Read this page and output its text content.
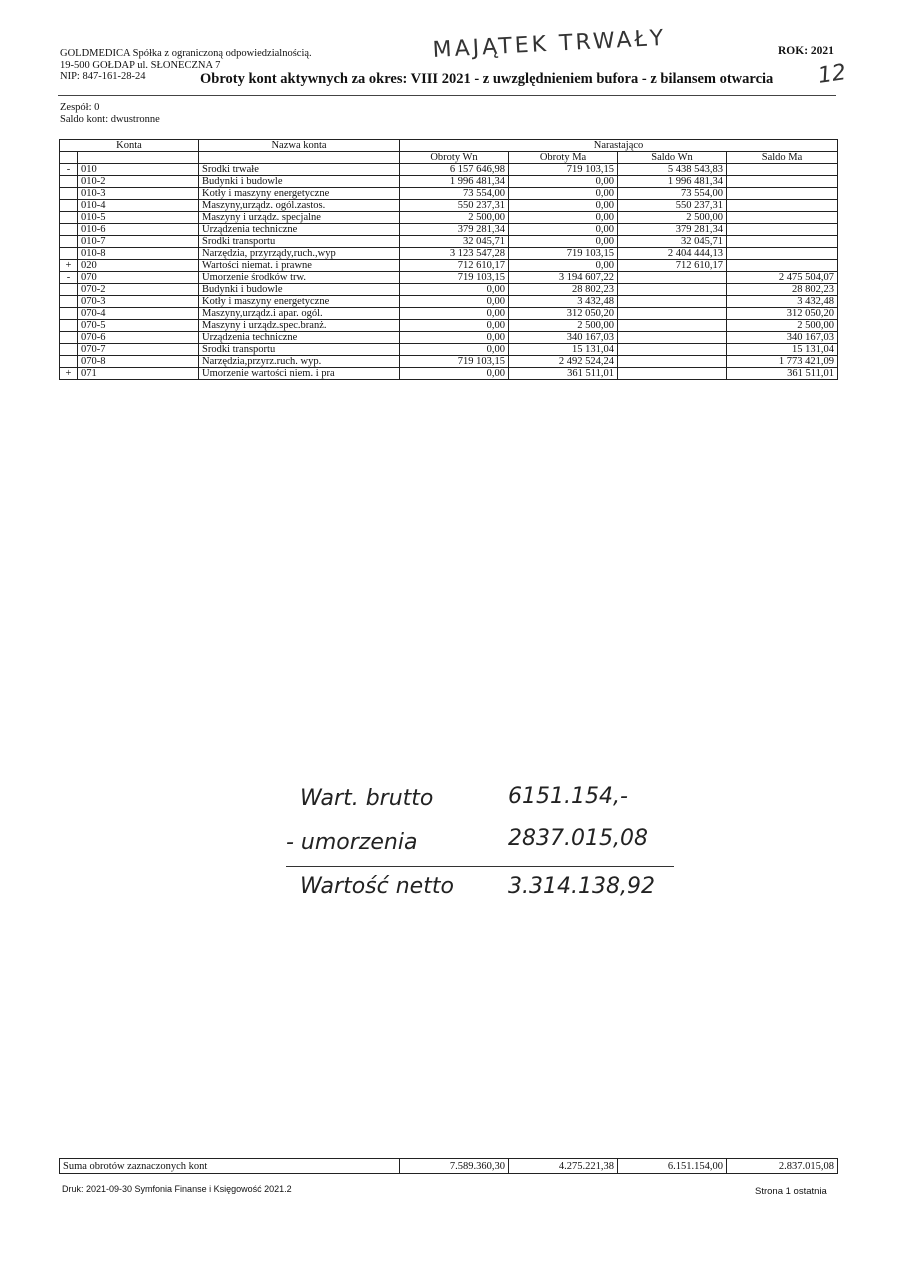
GOLDMEDICA Spółka z ograniczoną odpowiedzialnością.
19-500 GOŁDAP ul. SŁONECZNA 7
NIP: 847-161-28-24
ROK: 2021
MAJĄTEK TRWAŁY
12
Obroty kont aktywnych za okres: VIII 2021 - z uwzględnieniem bufora - z bilansem otwarcia
Zespół: 0
Saldo kont: dwustronne
Konta		Nazwa konta	Narastająco			
			Obroty Wn	Obroty Ma	Saldo Wn	Saldo Ma
-	010	Środki trwałe	6 157 646,98	719 103,15	5 438 543,83	
	010-2	Budynki i budowle	1 996 481,34	0,00	1 996 481,34	
	010-3	Kotły i maszyny energetyczne	73 554,00	0,00	73 554,00	
	010-4	Maszyny,urządz. ogól.zastos.	550 237,31	0,00	550 237,31	
	010-5	Maszyny i urządz. specjalne	2 500,00	0,00	2 500,00	
	010-6	Urządzenia techniczne	379 281,34	0,00	379 281,34	
	010-7	Środki transportu	32 045,71	0,00	32 045,71	
	010-8	Narzędzia, przyrządy,ruch.,wyp	3 123 547,28	719 103,15	2 404 444,13	
+	020	Wartości niemat. i prawne	712 610,17	0,00	712 610,17	
-	070	Umorzenie środków trw.	719 103,15	3 194 607,22		2 475 504,07
	070-2	Budynki i budowle	0,00	28 802,23		28 802,23
	070-3	Kotły i maszyny energetyczne	0,00	3 432,48		3 432,48
	070-4	Maszyny,urządz.i apar. ogól.	0,00	312 050,20		312 050,20
	070-5	Maszyny i urządz.spec.branż.	0,00	2 500,00		2 500,00
	070-6	Urządzenia techniczne	0,00	340 167,03		340 167,03
	070-7	Środki transportu	0,00	15 131,04		15 131,04
	070-8	Narzędzia,przyrz.ruch. wyp.	719 103,15	2 492 524,24		1 773 421,09
+	071	Umorzenie wartości niem. i pra	0,00	361 511,01		361 511,01
Wart. brutto	6151.154,-
- umorzenia	2837.015,08
Wartość netto 3.314.138,92
Suma obrotów zaznaczonych kont	7.589.360,30	4.275.221,38	6.151.154,00	2.837.015,08
Druk: 2021-09-30 Symfonia Finanse i Księgowość 2021.2	Strona 1 ostatnia
